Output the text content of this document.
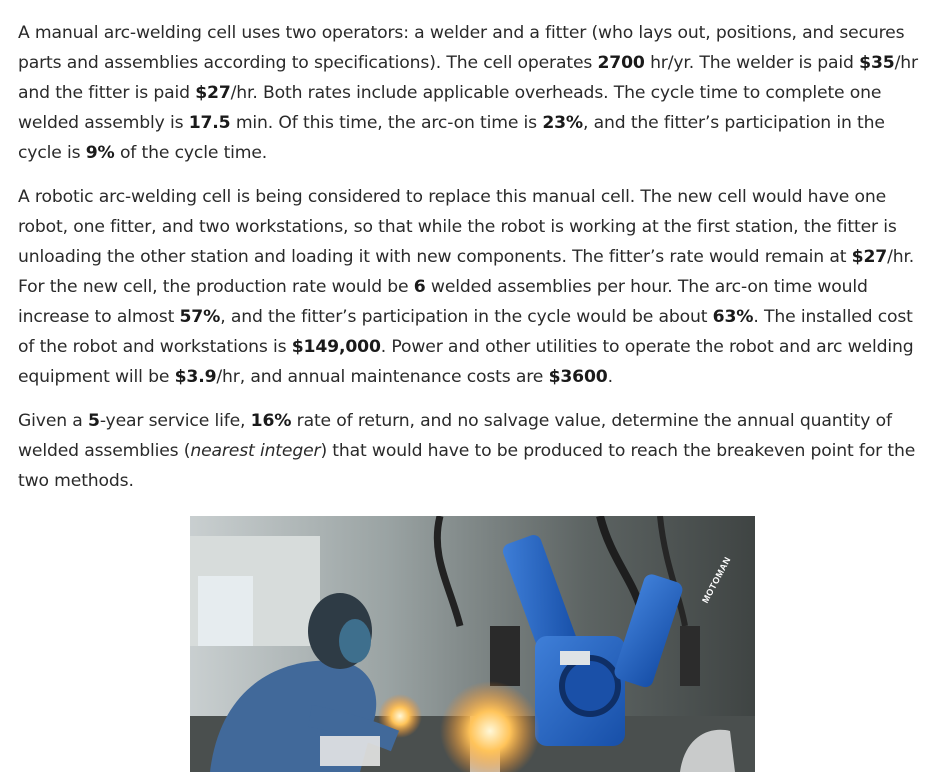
A manual arc-welding cell uses two operators: a welder and a fitter (who lays out, positions, and secures parts and assemblies according to specifications). The cell operates 2700 hr/yr. The welder is paid $35/hr and the fitter is paid $27/hr. Both rates include applicable overheads. The cycle time to complete one welded assembly is 17.5 min. Of this time, the arc-on time is 23%, and the fitter’s participation in the cycle is 9% of the cycle time.

A robotic arc-welding cell is being considered to replace this manual cell. The new cell would have one robot, one fitter, and two workstations, so that while the robot is working at the first station, the fitter is unloading the other station and loading it with new components. The fitter’s rate would remain at $27/hr. For the new cell, the production rate would be 6 welded assemblies per hour. The arc-on time would increase to almost 57%, and the fitter’s participation in the cycle would be about 63%. The installed cost of the robot and workstations is $149,000. Power and other utilities to operate the robot and arc welding equipment will be $3.9/hr, and annual maintenance costs are $3600.

Given a 5-year service life, 16% rate of return, and no salvage value, determine the annual quantity of welded assemblies (nearest integer) that would have to be produced to reach the breakeven point for the two methods.

MOTOMAN
